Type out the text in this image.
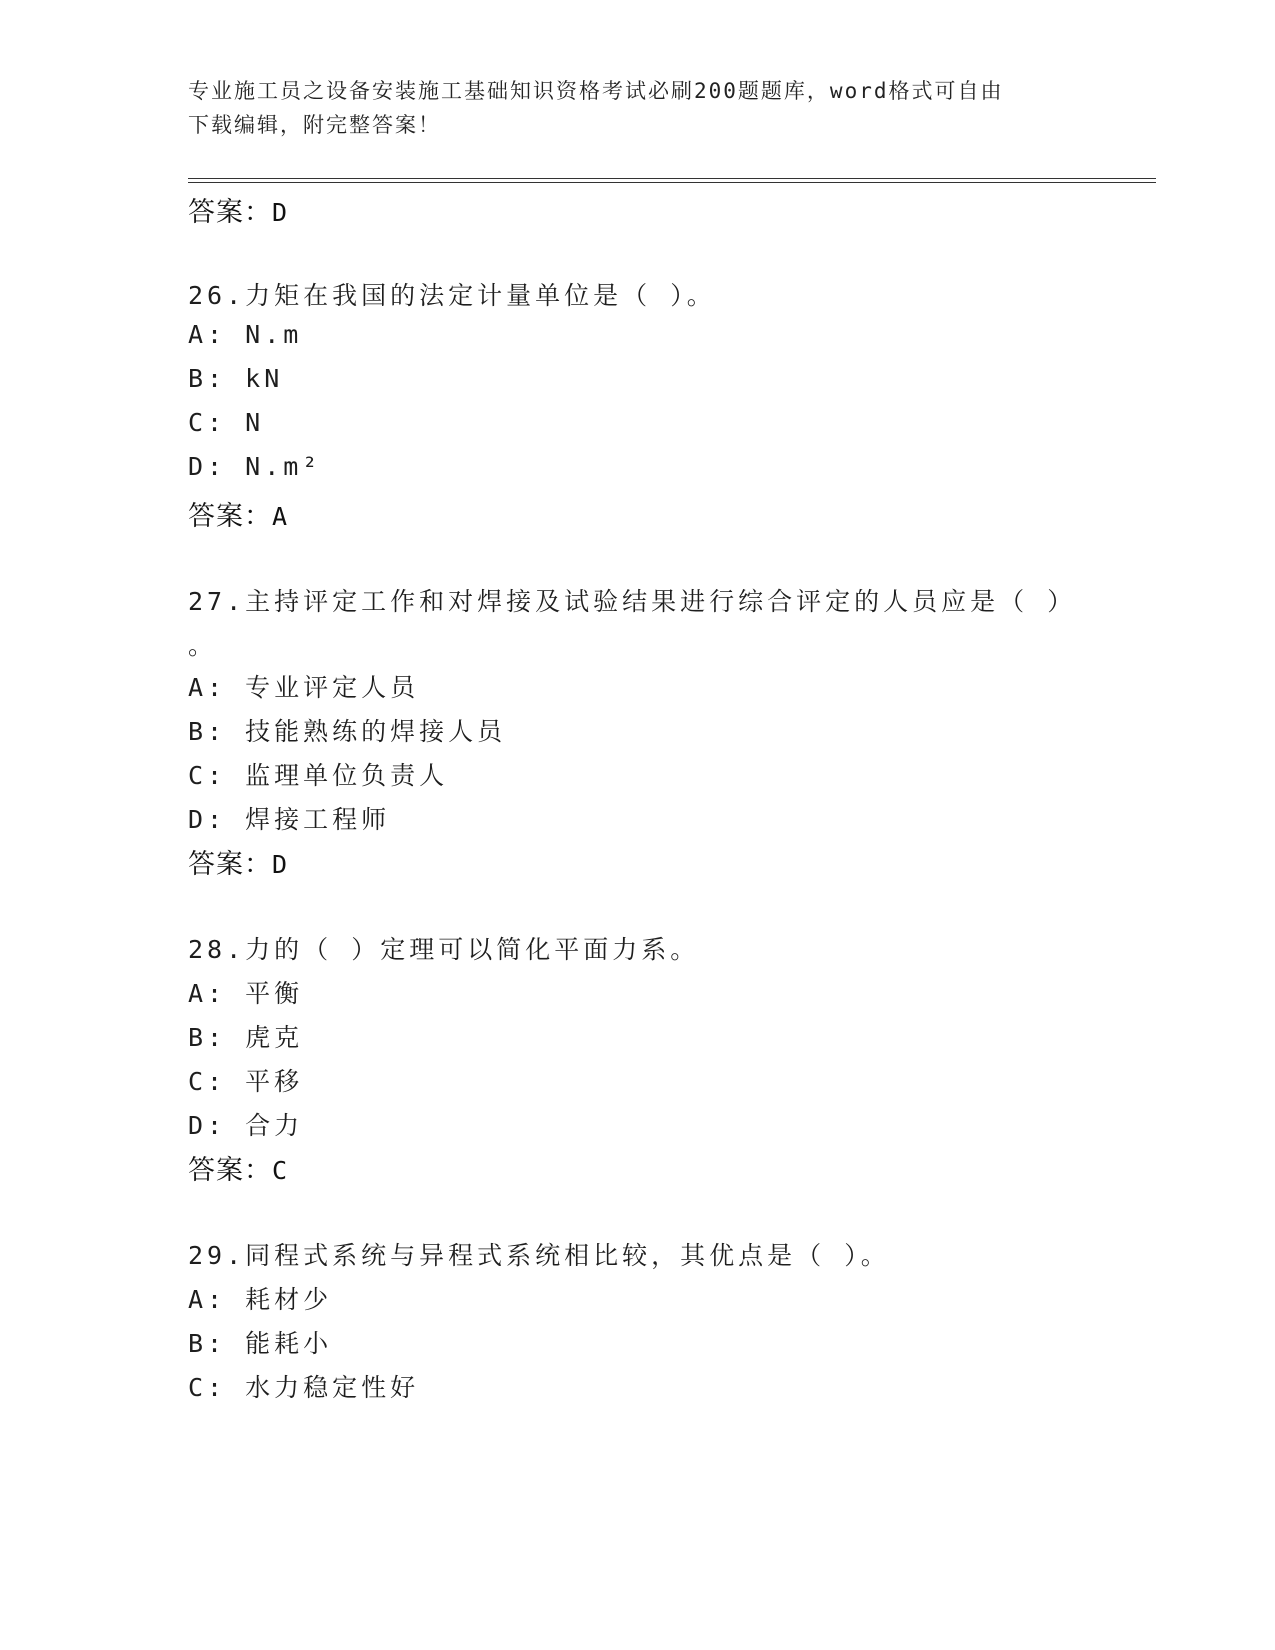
专业施工员之设备安装施工基础知识资格考试必刷200题题库，word格式可自由
下载编辑，附完整答案！

答案：D
26.力矩在我国的法定计量单位是（ ）。
A: N.m
B: kN
C: N
D: N.m²
答案：A
27.主持评定工作和对焊接及试验结果进行综合评定的人员应是（ ）
。
A: 专业评定人员
B: 技能熟练的焊接人员
C: 监理单位负责人
D: 焊接工程师
答案：D
28.力的（ ）定理可以简化平面力系。
A: 平衡
B: 虎克
C: 平移
D: 合力
答案：C
29.同程式系统与异程式系统相比较，其优点是（ ）。
A: 耗材少
B: 能耗小
C: 水力稳定性好
